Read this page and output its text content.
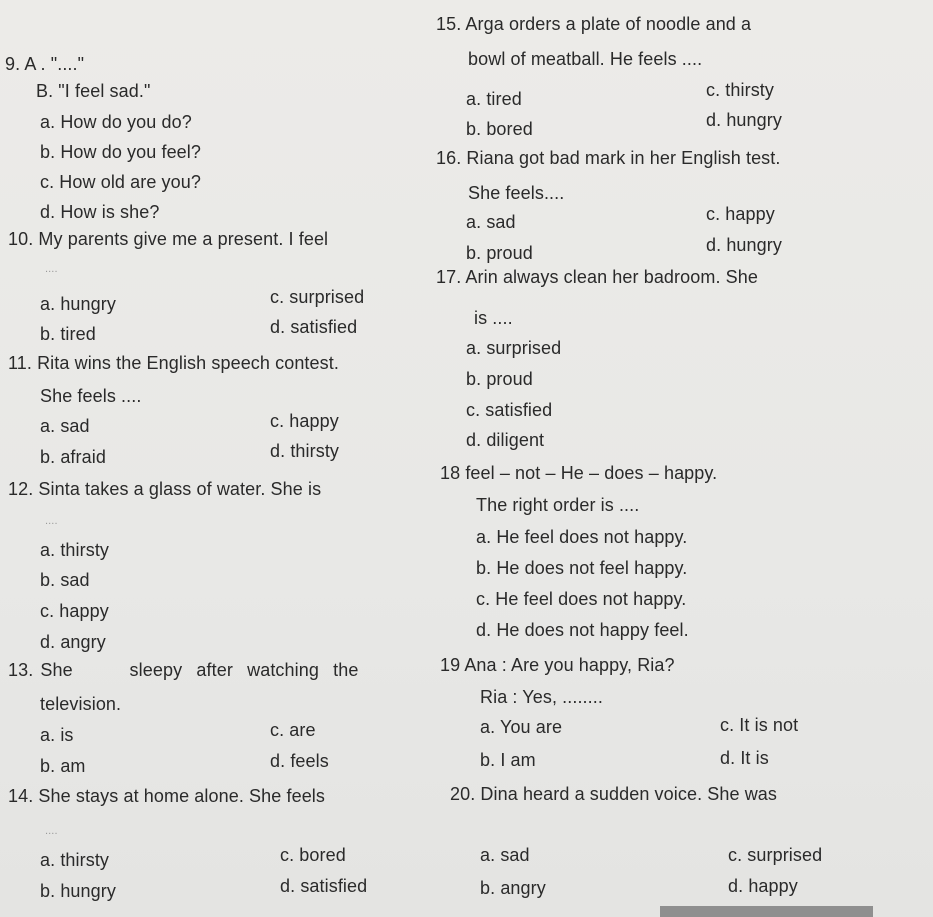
9. A . "...."
B. "I feel sad."
a. How do you do?
b. How do you feel?
c. How old are you?
d. How is she?
10. My parents give me a present. I feel
....
a. hungry	c. surprised
b. tired	d. satisfied
11. Rita wins the English speech contest.
She feels ....
a. sad	c. happy
b. afraid	d. thirsty
12. Sinta takes a glass of water. She is
....
a. thirsty
b. sad
c. happy
d. angry
13. She        sleepy  after  watching  the
television.
a. is	c. are
b. am	d. feels
14. She stays at home alone. She feels
....
a. thirsty	c. bored
b. hungry	d. satisfied
15. Arga orders a plate of noodle and a
bowl of meatball. He feels ....
a. tired	c. thirsty
b. bored	d. hungry
16. Riana got bad mark in her English test.
She feels....
a. sad	c. happy
b. proud	d. hungry
17. Arin always clean her badroom. She
is ....
a. surprised
b. proud
c. satisfied
d. diligent
18 feel – not – He – does – happy.
The right order is ....
a. He feel does not happy.
b. He does not feel happy.
c. He feel does not happy.
d. He does not happy feel.
19 Ana : Are you happy, Ria?
Ria : Yes, ........
a. You are	c. It is not
b. I am	d. It is
20. Dina heard a sudden voice. She was
a. sad	c. surprised
b. angry	d. happy
